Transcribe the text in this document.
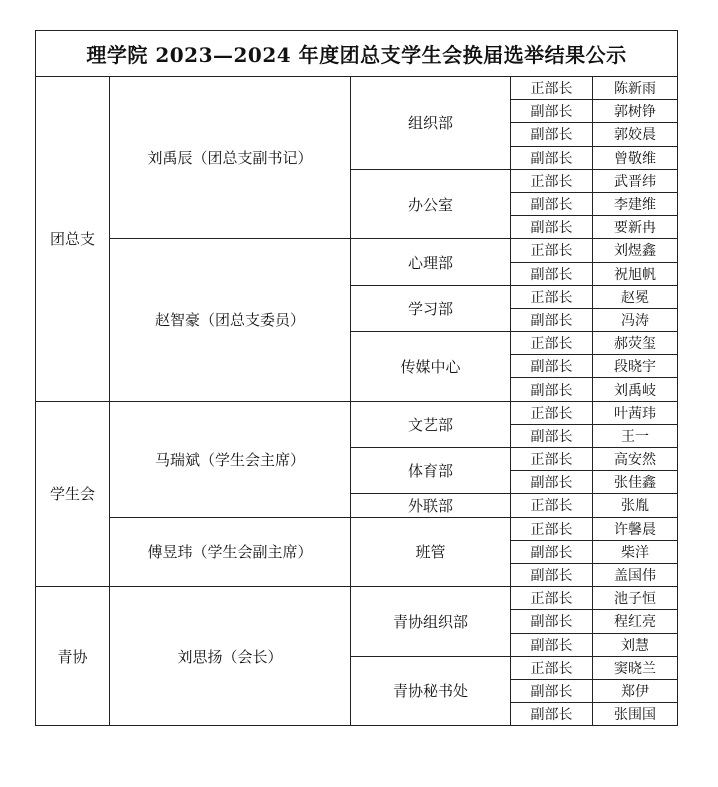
理学院 2023—2024 年度团总支学生会换届选举结果公示				
团总支	刘禹辰（团总支副书记）	组织部	正部长	陈新雨
			副部长	郭树铮
			副部长	郭姣晨
			副部长	曾敬维
		办公室	正部长	武晋纬
			副部长	李建维
			副部长	要新冉
	赵智豪（团总支委员）	心理部	正部长	刘煜鑫
			副部长	祝旭帆
		学习部	正部长	赵冕
			副部长	冯涛
		传媒中心	正部长	郝荧玺
			副部长	段晓宇
			副部长	刘禹岐
学生会	马瑞斌（学生会主席）	文艺部	正部长	叶茜玮
			副部长	王一
		体育部	正部长	高安然
			副部长	张佳鑫
		外联部	正部长	张胤
	傅昱玮（学生会副主席）	班管	正部长	许馨晨
			副部长	柴洋
			副部长	盖国伟
青协	刘思扬（会长）	青协组织部	正部长	池子恒
			副部长	程红亮
			副部长	刘慧
		青协秘书处	正部长	窦晓兰
			副部长	郑伊
			副部长	张围国
